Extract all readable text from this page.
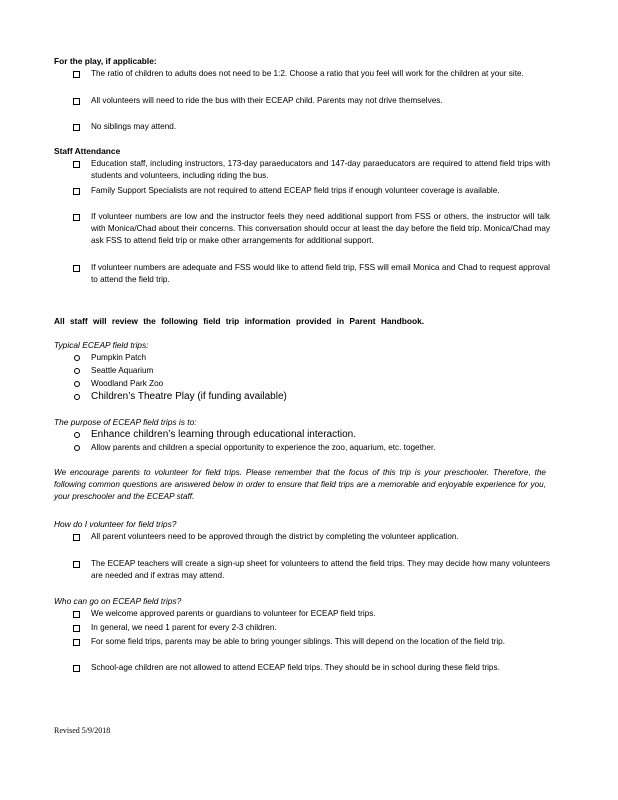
For the play, if applicable:
The ratio of children to adults does not need to be 1:2. Choose a ratio that you feel will work for the children at your site.
All volunteers will need to ride the bus with their ECEAP child. Parents may not drive themselves.
No siblings may attend.
Staff Attendance
Education staff, including instructors, 173-day paraeducators and 147-day paraeducators are required to attend field trips with students and volunteers, including riding the bus.
Family Support Specialists are not required to attend ECEAP field trips if enough volunteer coverage is available.
If volunteer numbers are low and the instructor feels they need additional support from FSS or others, the instructor will talk with Monica/Chad about their concerns. This conversation should occur at least the day before the field trip. Monica/Chad may ask FSS to attend field trip or make other arrangements for additional support.
If volunteer numbers are adequate and FSS would like to attend field trip, FSS will email Monica and Chad to request approval to attend the field trip.
All staff will review the following field trip information provided in Parent Handbook.
Typical ECEAP field trips:
Pumpkin Patch
Seattle Aquarium
Woodland Park Zoo
Children’s Theatre Play (if funding available)
The purpose of ECEAP field trips is to:
Enhance children’s learning through educational interaction.
Allow parents and children a special opportunity to experience the zoo, aquarium, etc. together.
We encourage parents to volunteer for field trips. Please remember that the focus of this trip is your preschooler. Therefore, the following common questions are answered below in order to ensure that field trips are a memorable and enjoyable experience for you, your preschooler and the ECEAP staff.
How do I volunteer for field trips?
All parent volunteers need to be approved through the district by completing the volunteer application.
The ECEAP teachers will create a sign-up sheet for volunteers to attend the field trips. They may decide how many volunteers are needed and if extras may attend.
Who can go on ECEAP field trips?
We welcome approved parents or guardians to volunteer for ECEAP field trips.
In general, we need 1 parent for every 2-3 children.
For some field trips, parents may be able to bring younger siblings. This will depend on the location of the field trip.
School-age children are not allowed to attend ECEAP field trips. They should be in school during these field trips.
Revised 5/9/2018
